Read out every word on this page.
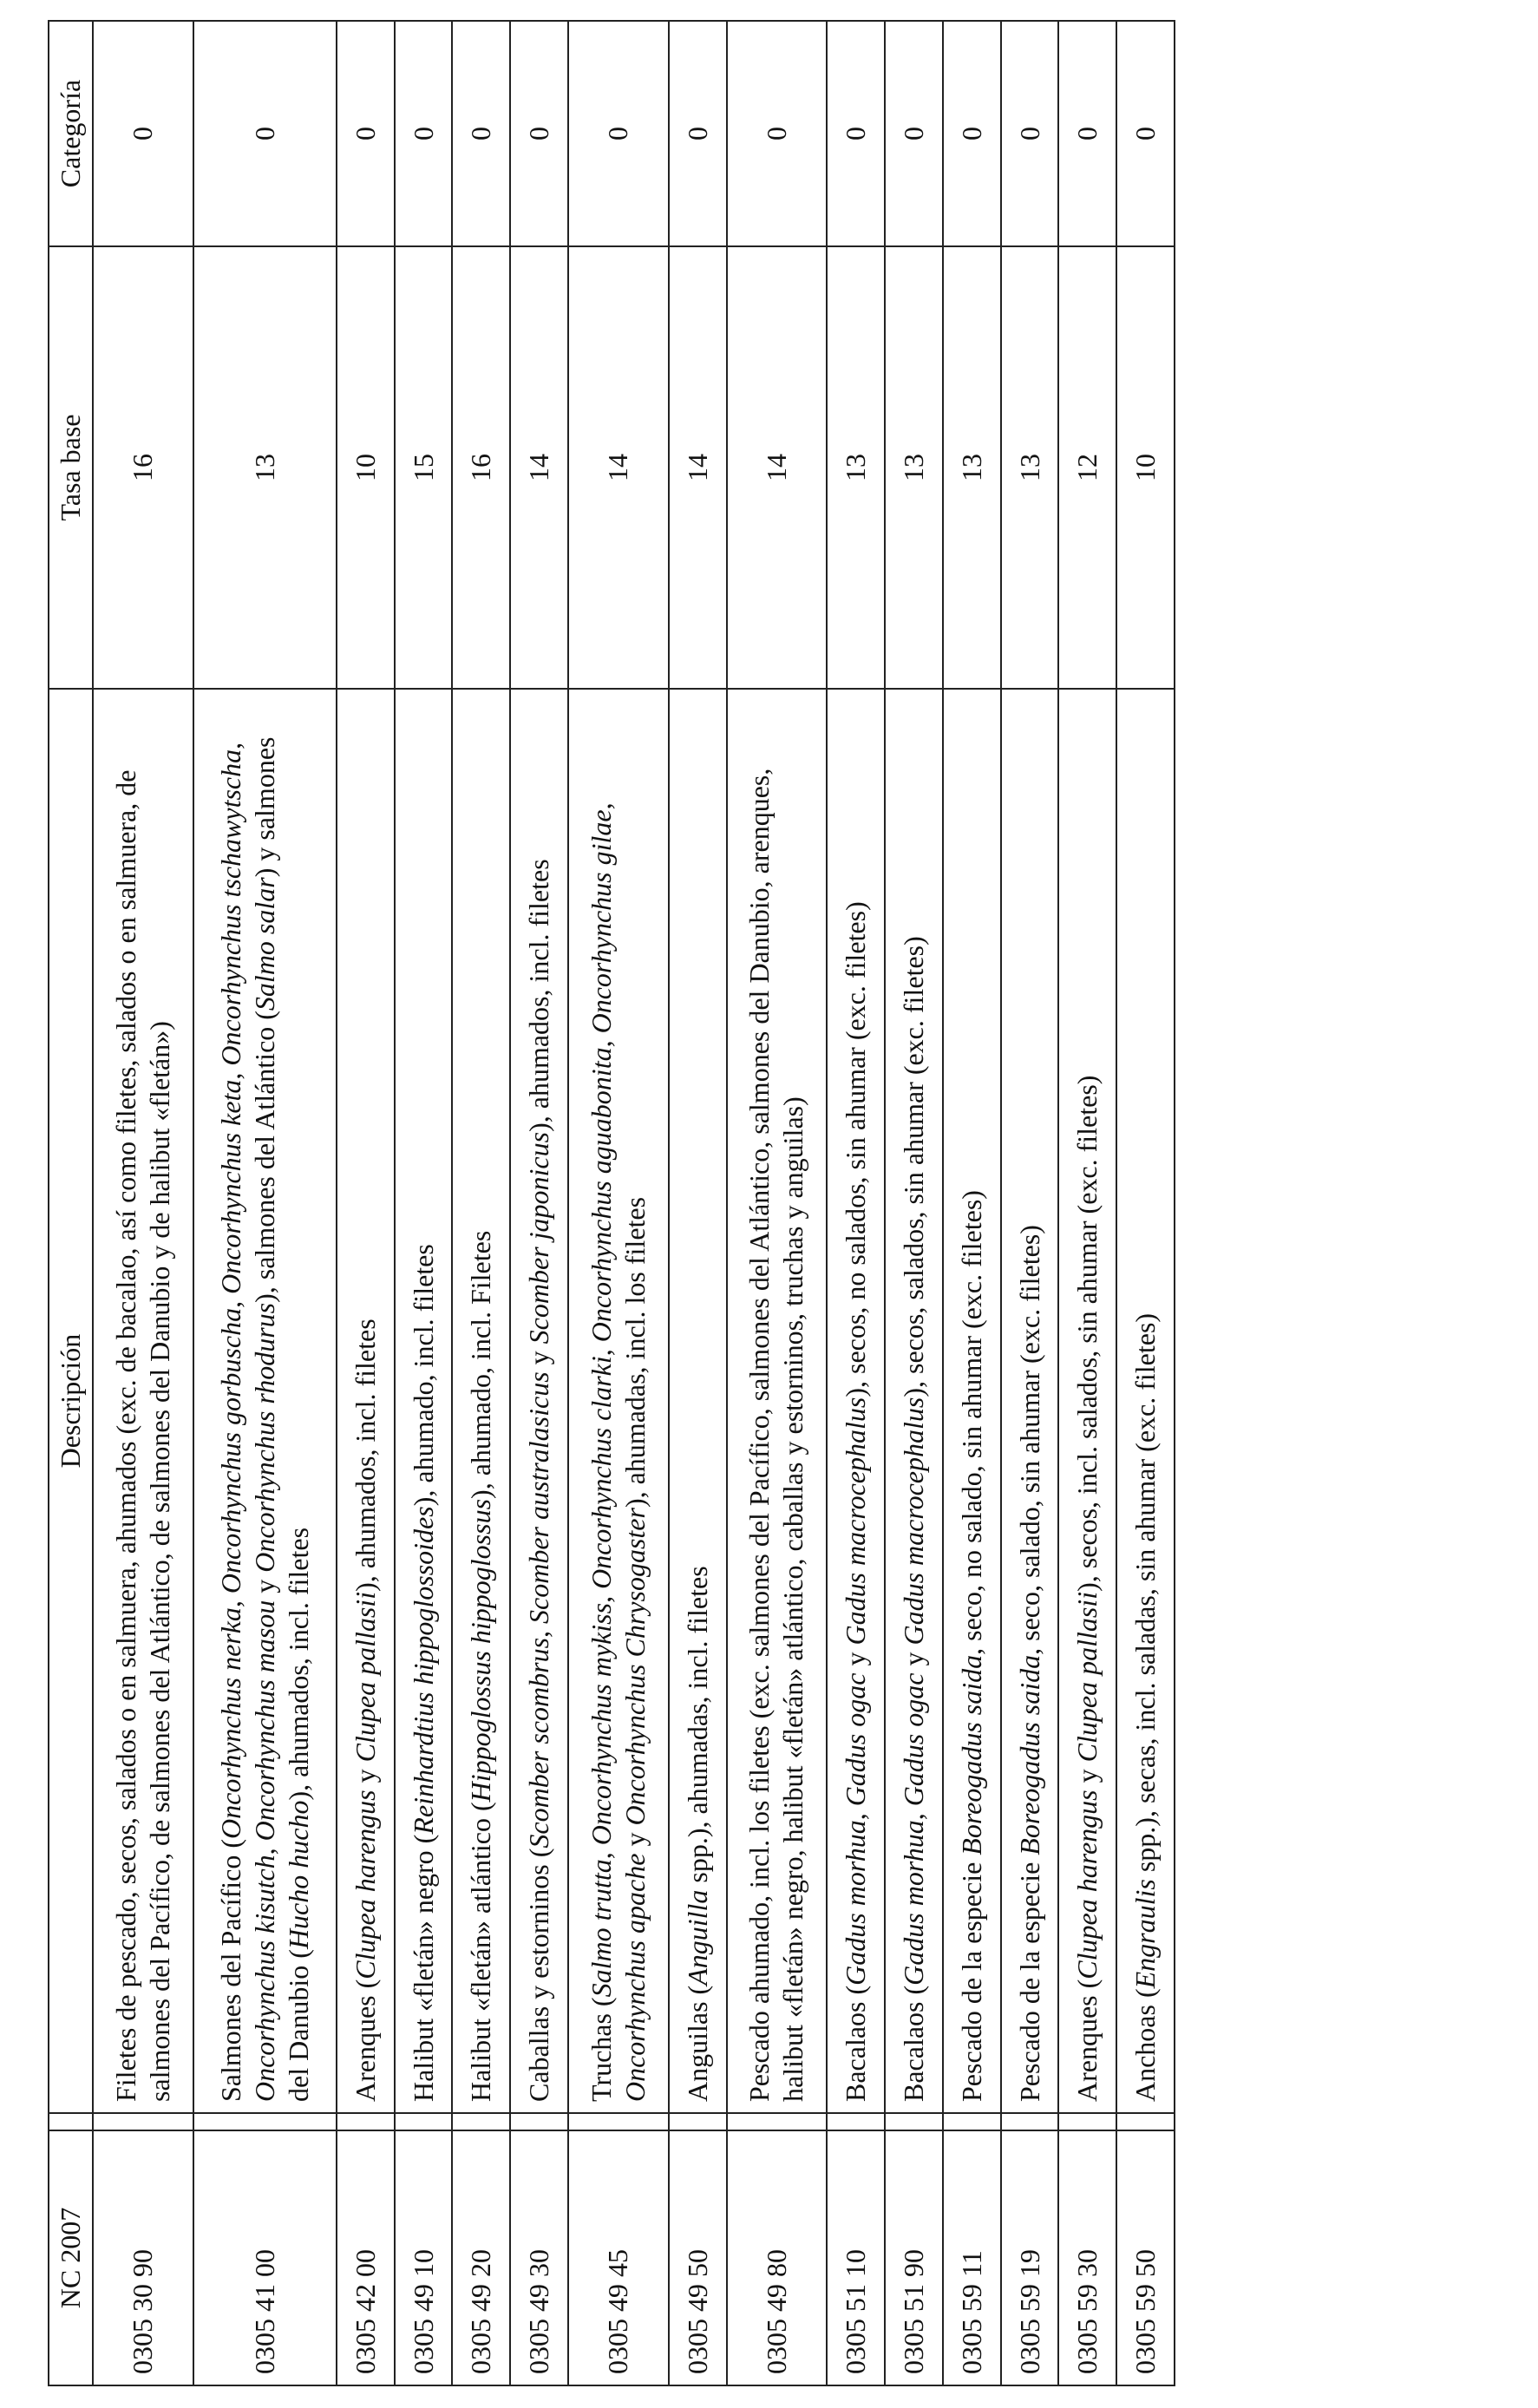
NC 2007		Descripción	Tasa base	Categoría
0305 30 90		Filetes de pescado, secos, salados o en salmuera, ahumados (exc. de bacalao, así como filetes, salados o en salmuera, de salmones del Pacífico, de salmones del Atlántico, de salmones del Danubio y de halibut «fletán»)	16	0
0305 41 00		Salmones del Pacífico (Oncorhynchus nerka, Oncorhynchus gorbuscha, Oncorhynchus keta, Oncorhynchus tschawytscha, Oncorhynchus kisutch, Oncorhynchus masou y Oncorhynchus rhodurus), salmones del Atlántico (Salmo salar) y salmones del Danubio (Hucho hucho), ahumados, incl. filetes	13	0
0305 42 00		Arenques (Clupea harengus y Clupea pallasii), ahumados, incl. filetes	10	0
0305 49 10		Halibut «fletán» negro (Reinhardtius hippoglossoides), ahumado, incl. filetes	15	0
0305 49 20		Halibut «fletán» atlántico (Hippoglossus hippoglossus), ahumado, incl. Filetes	16	0
0305 49 30		Caballas y estorninos (Scomber scombrus, Scomber australasicus y Scomber japonicus), ahumados, incl. filetes	14	0
0305 49 45		Truchas (Salmo trutta, Oncorhynchus mykiss, Oncorhynchus clarki, Oncorhynchus aguabonita, Oncorhynchus gilae, Oncorhynchus apache y Oncorhynchus Chrysogaster), ahumadas, incl. los filetes	14	0
0305 49 50		Anguilas (Anguilla spp.), ahumadas, incl. filetes	14	0
0305 49 80		Pescado ahumado, incl. los filetes (exc. salmones del Pacífico, salmones del Atlántico, salmones del Danubio, arenques, halibut «fletán» negro, halibut «fletán» atlántico, caballas y estorninos, truchas y anguilas)	14	0
0305 51 10		Bacalaos (Gadus morhua, Gadus ogac y Gadus macrocephalus), secos, no salados, sin ahumar (exc. filetes)	13	0
0305 51 90		Bacalaos (Gadus morhua, Gadus ogac y Gadus macrocephalus), secos, salados, sin ahumar (exc. filetes)	13	0
0305 59 11		Pescado de la especie Boreogadus saida, seco, no salado, sin ahumar (exc. filetes)	13	0
0305 59 19		Pescado de la especie Boreogadus saida, seco, salado, sin ahumar (exc. filetes)	13	0
0305 59 30		Arenques (Clupea harengus y Clupea pallasii), secos, incl. salados, sin ahumar (exc. filetes)	12	0
0305 59 50		Anchoas (Engraulis spp.), secas, incl. saladas, sin ahumar (exc. filetes)	10	0
